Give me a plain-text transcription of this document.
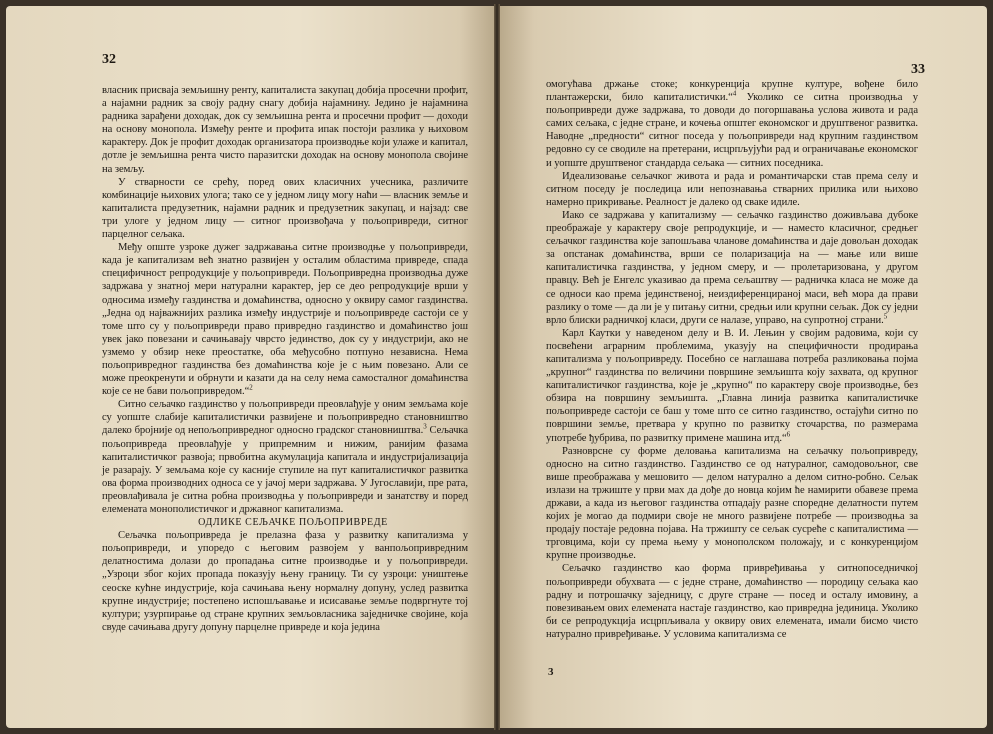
32

власник присваја земљишну ренту, капиталиста закупац добија просечни профит, а најамни радник за своју радну снагу добија најамнину. Једино је најамнина радника зарађени доходак, док су земљишна рента и просечни профит — доходи на основу монопола. Између ренте и профита ипак постоји разлика у њиховом карактеру. Док је профит доходак организатора производње који улаже и капитал, дотле је земљишна рента чисто паразитски доходак на основу монопола својине на земљу.

У стварности се срећу, поред ових класичних учесника, различите комбинације њихових улога; тако се у једном лицу могу наћи — власник земље и капиталиста предузетник, најамни радник и предузетник закупац, и најзад: све три улоге у једном лицу — ситног произвођача у пољопривреди, ситног парцелног сељака.

Међу опште узроке дужег задржавања ситне производње у пољопривреди, када је капитализам већ знатно развијен у осталим областима привреде, спада специфичност репродукције у пољопривреди. Пољопривредна производња дуже задржава у знатној мери натурални карактер, јер се део репродукције врши у односима између газдинства и домаћинства, односно у оквиру самог газдинства. „Једна од најважнијих разлика између индустрије и пољопривреде састоји се у томе што су у пољопривреди право привредно газдинство и домаћинство још увек јако повезани и сачињавају чврсто јединство, док су у индустрији, ако не узмемо у обзир неке преостатке, оба међусобно потпуно независна. Нема пољопривредног газдинства без домаћинства које је с њим повезано. Али се може преокренути и обрнути и казати да на селу нема самосталног домаћинства које се не бави пољопривредом.“$^2$

Ситно сељачко газдинство у пољопривреди преовлађује у оним земљама које су уопште слабије капиталистички развијене и пољопривредно становништво далеко бројније од непољопривредног односно градског становништва.$^3$ Сељачка пољопривреда преовлађује у припремним и нижим, ранијим фазама капиталистичког развоја; првобитна акумулација капитала и индустријализација је разарају. У земљама које су касније ступиле на пут капиталистичког развитка ова форма производних односа се у јачој мери задржава. У Југославији, пре рата, преовлађивала је ситна робна производња у пољопривреди и занатству и поред елемената монополистичког и државног капитализма.

ОДЛИКЕ СЕЉАЧКЕ ПОЉОПРИВРЕДЕ

Сељачка пољопривреда је прелазна фаза у развитку капитализма у пољопривреди, и упоредо с његовим развојем у ванпољопривредним делатностима долази до пропадања ситне производње и у пољопривреди. „Узроци због којих пропада показују њену границу. Ти су узроци: уништење сеоске кућне индустрије, која сачињава њену нормалну допуну, услед развитка крупне индустрије; постепено испошљавање и исисавање земље подвргнуте тој култури; узурпирање од стране крупних земљовласника заједничке својине, која свуде сачињава другу допуну парцелне привреде и која једина

33

омогућава држање стоке; конкуренција крупне културе, вођене било плантажерски, било капиталистички.“$^4$ Уколико се ситна производња у пољопривреди дуже задржава, то доводи до погоршавања услова живота и рада самих сељака, с једне стране, и кочења општег економског и друштвеног развитка. Наводне „предности“ ситног поседа у пољопривреди над крупним газдинством редовно су се сводиле на претерани, исцрпљујући рад и ограничавање економског и уопште друштвеног стандарда сељака — ситних поседника.

Идеализовање сељачког живота и рада и романтичарски став према селу и ситном поседу је последица или непознавања стварних прилика или њихово намерно прикривање. Реалност је далеко од сваке идиле.

Иако се задржава у капитализму — сељачко газдинство доживљава дубоке преображаје у карактеру своје репродукције, и — наместо класичног, средњег сељачког газдинства које запошљава чланове домаћинства и даје довољан доходак за опстанак домаћинства, врши се поларизација на — мање или више капиталистичка газдинства, у једном смеру, и — пролетаризована, у другом правцу. Већ је Енгелс указивао да према сељаштву — радничка класа не може да се односи као према јединственој, неиздиференцираној маси, већ мора да прави разлику о томе — да ли је у питању ситни, средњи или крупни сељак. Док су једни врло блиски радничкој класи, други се налазе, управо, на супротној страни.$^5$

Карл Каутки у наведеном делу и В. И. Лењин у својим радовима, који су посвећени аграрним проблемима, указују на специфичности продирања капитализма у пољопривреду. Посебно се наглашава потреба разликовања појма „крупног“ газдинства по величини површине земљишта коју захвата, од крупног капиталистичког газдинства, које је „крупно“ по карактеру своје производње, без обзира на површину земљишта. „Главна линија развитка капиталистичке пољопривреде састоји се баш у томе што се ситно газдинство, остајући ситно по површини земље, претвара у крупно по развитку сточарства, по размерама употребе ђубрива, по развитку примене машина итд.“$^6$

Разноврсне су форме деловања капитализма на сељачку пољопривреду, односно на ситно газдинство. Газдинство се од натуралног, самодовољног, све више преображава у мешовито — делом натурално а делом ситно-робно. Сељак излази на тржиште у први мах да дође до новца којим ће намирити обавезе према држави, а када из његовог газдинства отпадају разне споредне делатности путем којих је могао да подмири своје не много развијене потребе — производња за продају постаје редовна појава. На тржишту се сељак сусреће с капиталистима — трговцима, који су према њему у монополском положају, и с конкуренцијом крупне производње.

Сељачко газдинство као форма привређивања у ситнопоседничкој пољопривреди обухвата — с једне стране, домаћинство — породицу сељака као радну и потрошачку заједницу, с друге стране — посед и осталу имовину, а повезивањем ових елемената настаје газдинство, као привредна јединица. Уколико би се репродукција исцрпљивала у оквиру ових елемената, имали бисмо чисто натурално привређивање. У условима капитализма се

3
